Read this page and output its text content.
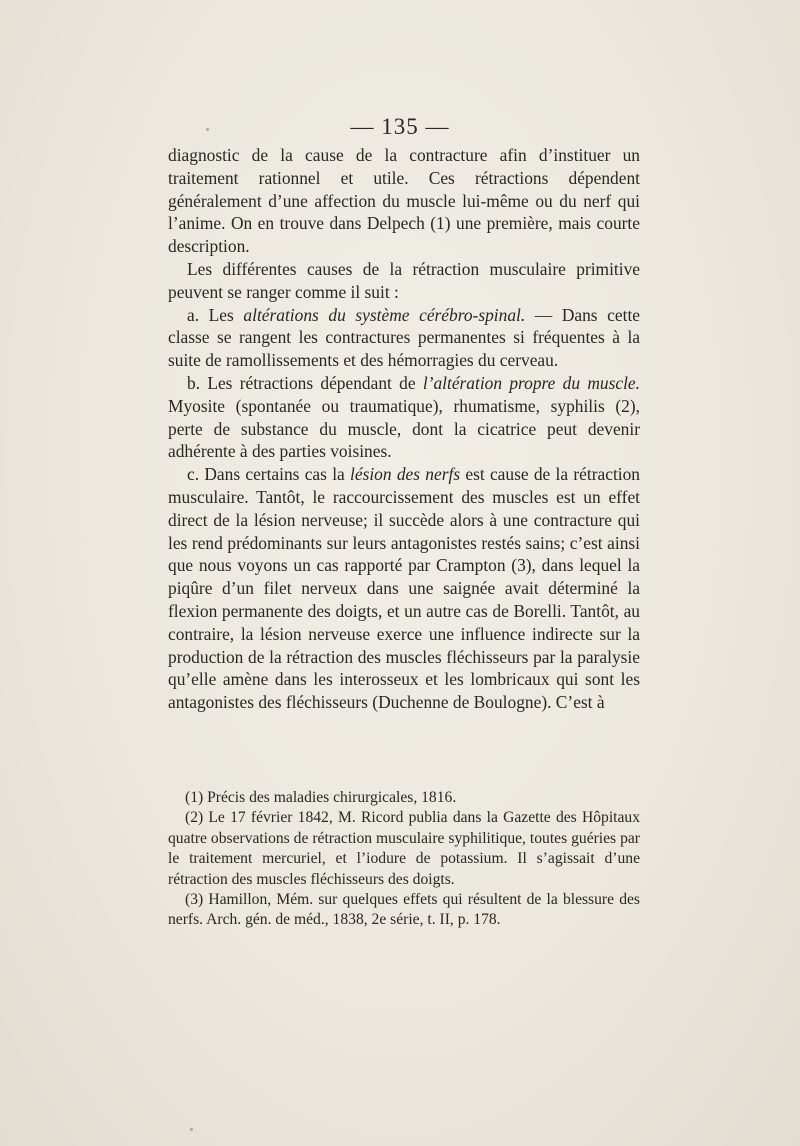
— 135 —

diagnostic de la cause de la contracture afin d’instituer un traitement rationnel et utile. Ces rétractions dépendent généralement d’une affection du muscle lui-même ou du nerf qui l’anime. On en trouve dans Delpech (1) une première, mais courte description.

Les différentes causes de la rétraction musculaire primitive peuvent se ranger comme il suit :

a. Les altérations du système cérébro-spinal. — Dans cette classe se rangent les contractures permanentes si fréquentes à la suite de ramollissements et des hémorragies du cerveau.

b. Les rétractions dépendant de l’altération propre du muscle. Myosite (spontanée ou traumatique), rhumatisme, syphilis (2), perte de substance du muscle, dont la cicatrice peut devenir adhérente à des parties voisines.

c. Dans certains cas la lésion des nerfs est cause de la rétraction musculaire. Tantôt, le raccourcissement des muscles est un effet direct de la lésion nerveuse; il succède alors à une contracture qui les rend prédominants sur leurs antagonistes restés sains; c’est ainsi que nous voyons un cas rapporté par Crampton (3), dans lequel la piqûre d’un filet nerveux dans une saignée avait déterminé la flexion permanente des doigts, et un autre cas de Borelli. Tantôt, au contraire, la lésion nerveuse exerce une influence indirecte sur la production de la rétraction des muscles fléchisseurs par la paralysie qu’elle amène dans les interosseux et les lombricaux qui sont les antagonistes des fléchisseurs (Duchenne de Boulogne). C’est à

(1) Précis des maladies chirurgicales, 1816.

(2) Le 17 février 1842, M. Ricord publia dans la Gazette des Hôpitaux quatre observations de rétraction musculaire syphilitique, toutes guéries par le traitement mercuriel, et l’iodure de potassium. Il s’agissait d’une rétraction des muscles fléchisseurs des doigts.

(3) Hamillon, Mém. sur quelques effets qui résultent de la blessure des nerfs. Arch. gén. de méd., 1838, 2e série, t. II, p. 178.
